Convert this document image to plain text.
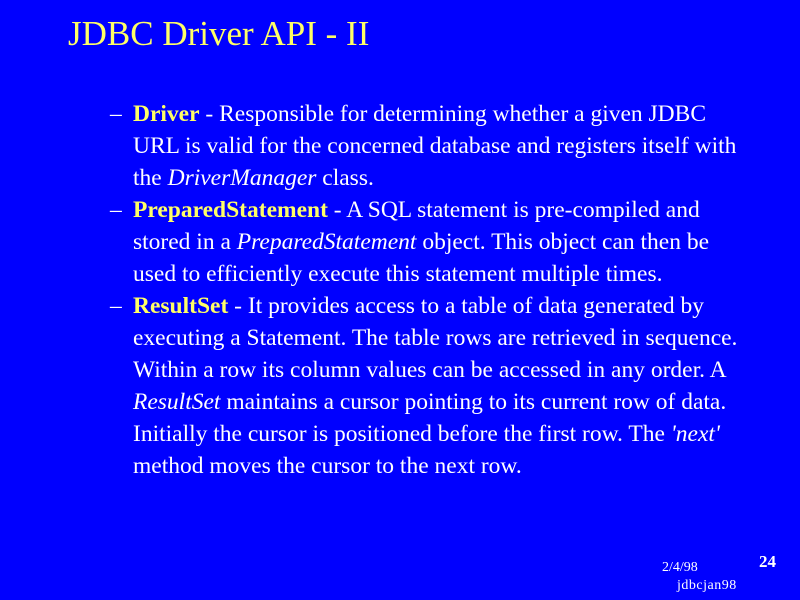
JDBC Driver API - II
– Driver - Responsible for determining whether a given JDBC URL is valid for the concerned database and registers itself with the DriverManager class.
– PreparedStatement - A SQL statement is pre-compiled and stored in a PreparedStatement object. This object can then be used to efficiently execute this statement multiple times.
– ResultSet - It provides access to a table of data generated by executing a Statement. The table rows are retrieved in sequence. Within a row its column values can be accessed in any order. A ResultSet maintains a cursor pointing to its current row of data. Initially the cursor is positioned before the first row. The 'next' method moves the cursor to the next row.
2/4/98
jdbcjan98
24
